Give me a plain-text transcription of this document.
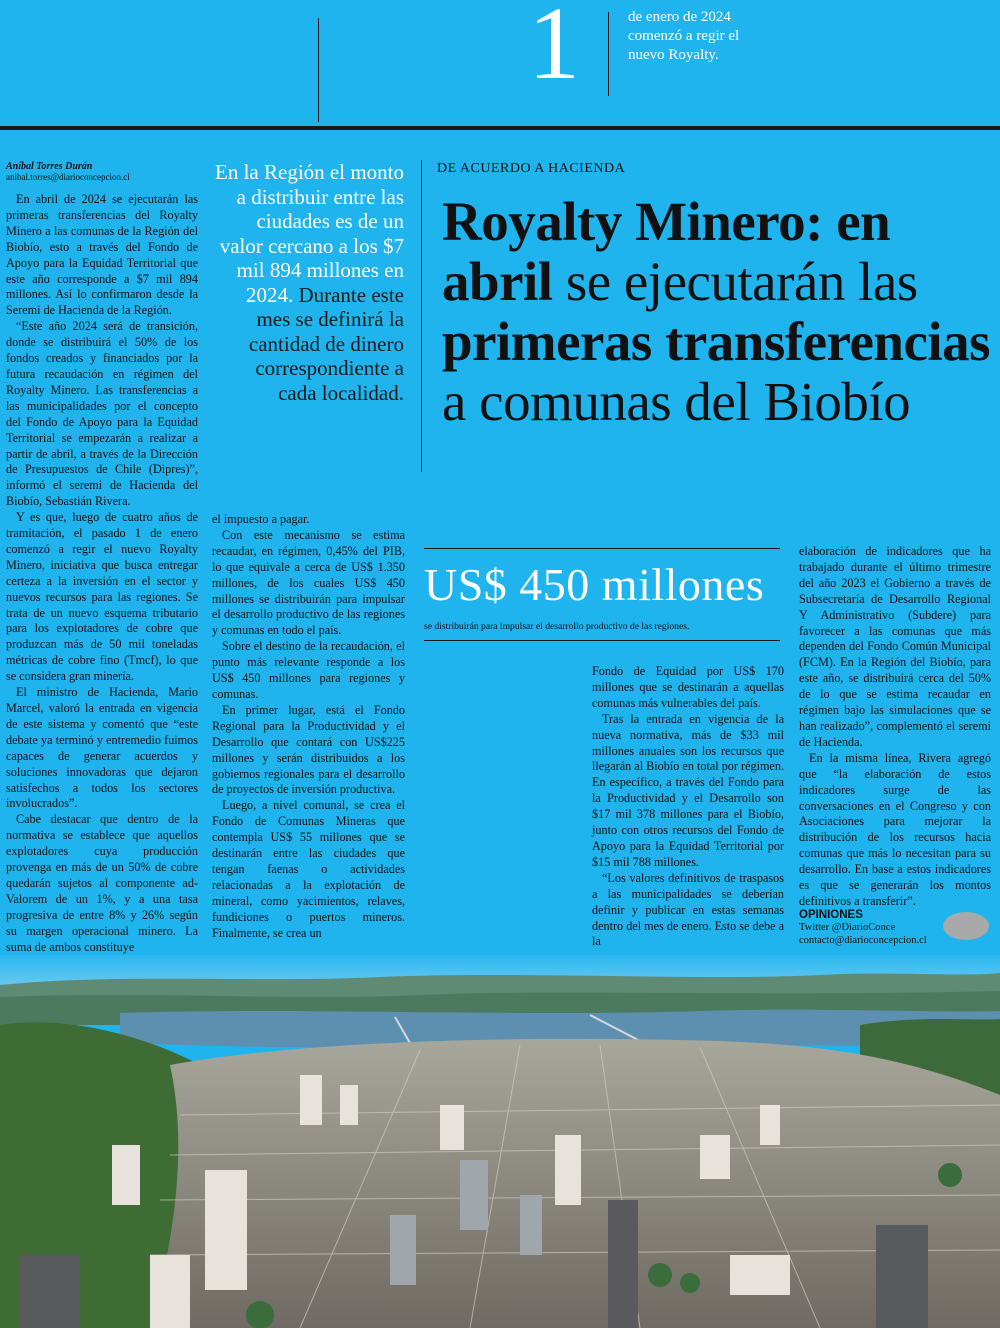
1	de enero de 2024 comenzó a regir el nuevo Royalty.
Aníbal Torres Durán
anibal.torres@diarioconcepcion.cl

En abril de 2024 se ejecutarán las primeras transferencias del Royalty Minero a las comunas de la Región del Biobío, esto a través del Fondo de Apoyo para la Equidad Territorial que este año corresponde a $7 mil 894 millones. Así lo confirmaron desde la Seremi de Hacienda de la Región.

“Este año 2024 será de transición, donde se distribuirá el 50% de los fondos creados y financiados por la futura recaudación en régimen del Royalty Minero. Las transferencias a las municipalidades por el concepto del Fondo de Apoyo para la Equidad Territorial se empezarán a realizar a partir de abril, a través de la Dirección de Presupuestos de Chile (Dipres)”, informó el seremi de Hacienda del Biobío, Sebastián Rivera.

Y es que, luego de cuatro años de tramitación, el pasado 1 de enero comenzó a regir el nuevo Royalty Minero, iniciativa que busca entregar certeza a la inversión en el sector y nuevos recursos para las regiones. Se trata de un nuevo esquema tributario para los explotadores de cobre que produzcan más de 50 mil toneladas métricas de cobre fino (Tmcf), lo que se considera gran minería.

El ministro de Hacienda, Mario Marcel, valoró la entrada en vigencia de este sistema y comentó que “este debate ya terminó y entremedio fuimos capaces de generar acuerdos y soluciones innovadoras que dejaron satisfechos a todos los sectores involucrados”.

Cabe destacar que dentro de la normativa se establece que aquellos explotadores cuya producción provenga en más de un 50% de cobre quedarán sujetos al componente ad-Valorem de un 1%, y a una tasa progresiva de entre 8% y 26% según su margen operacional minero. La suma de ambos constituye

En la Región el monto a distribuir entre las ciudades es de un valor cercano a los $7 mil 894 millones en 2024. Durante este mes se definirá la cantidad de dinero correspondiente a cada localidad.

el impuesto a pagar.

Con este mecanismo se estima recaudar, en régimen, 0,45% del PIB, lo que equivale a cerca de US$ 1.350 millones, de los cuales US$ 450 millones se distribuirán para impulsar el desarrollo productivo de las regiones y comunas en todo el país.

Sobre el destino de la recaudación, el punto más relevante responde a los US$ 450 millones para regiones y comunas.

En primer lugar, está el Fondo Regional para la Productividad y el Desarrollo que contará con US$225 millones y serán distribuidos a los gobiernos regionales para el desarrollo de proyectos de inversión productiva.

Luego, a nivel comunal, se crea el Fondo de Comunas Mineras que contempla US$ 55 millones que se destinarán entre las ciudades que tengan faenas o actividades relacionadas a la explotación de mineral, como yacimientos, relaves, fundiciones o puertos mineros. Finalmente, se crea un

DE ACUERDO A HACIENDA
Royalty Minero: en abril se ejecutarán las primeras transferencias a comunas del Biobío
US$ 450 millones
se distribuirán para impulsar el desarrollo productivo de las regiones.

Fondo de Equidad por US$ 170 millones que se destinarán a aquellas comunas más vulnerables del país.

Tras la entrada en vigencia de la nueva normativa, más de $33 mil millones anuales son los recursos que llegarán al Biobío en total por régimen. En específico, a través del Fondo para la Productividad y el Desarrollo son $17 mil 378 millones para el Biobío, junto con otros recursos del Fondo de Apoyo para la Equidad Territorial por $15 mil 788 millones.

“Los valores definitivos de traspasos a las municipalidades se deberían definir y publicar en estas semanas dentro del mes de enero. Esto se debe a la

elaboración de indicadores que ha trabajado durante el último trimestre del año 2023 el Gobierno a través de Subsecretaría de Desarrollo Regional Y Administrativo (Subdere) para favorecer a las comunas que más dependen del Fondo Común Municipal (FCM). En la Región del Biobío, para este año, se distribuirá cerca del 50% de lo que se estima recaudar en régimen bajo las simulaciones que se han realizado”, complementó el seremi de Hacienda.

En la misma línea, Rivera agregó que “la elaboración de estos indicadores surge de las conversaciones en el Congreso y con Asociaciones para mejorar la distribución de los recursos hacia comunas que más lo necesitan para su desarrollo. En base a estos indicadores es que se generarán los montos definitivos a transferir”.

OPINIONES
Twitter @DiarioConce
contacto@diarioconcepcion.cl
